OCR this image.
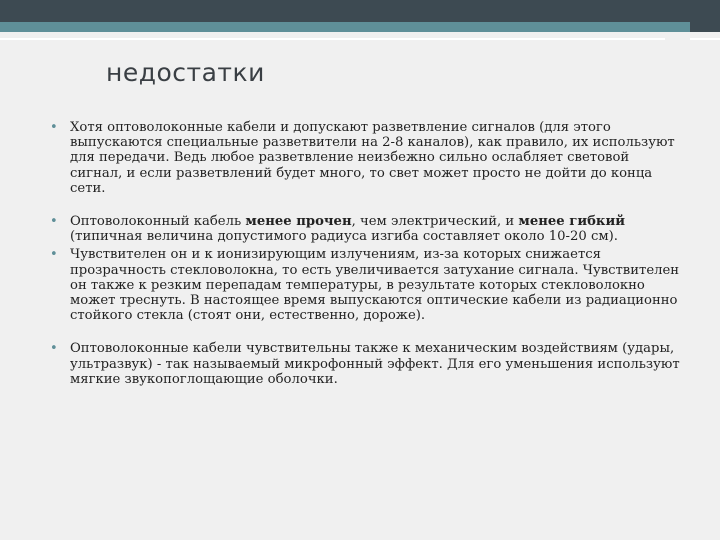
недостатки

• Хотя оптоволоконные кабели и допускают разветвление сигналов (для этого выпускаются специальные разветвители на 2-8 каналов), как правило, их используют для передачи. Ведь любое разветвление неизбежно сильно ослабляет световой сигнал, и если разветвлений будет много, то свет может просто не дойти до конца сети.

• Оптоволоконный кабель менее прочен, чем электрический, и менее гибкий (типичная величина допустимого радиуса изгиба составляет около 10-20 см).

• Чувствителен он и к ионизирующим излучениям, из-за которых снижается прозрачность стекловолокна, то есть увеличивается затухание сигнала. Чувствителен он также к резким перепадам температуры, в результате которых стекловолокно может треснуть. В настоящее время выпускаются оптические кабели из радиационно стойкого стекла (стоят они, естественно, дороже).

• Оптоволоконные кабели чувствительны также к механическим воздействиям (удары, ультразвук) - так называемый микрофонный эффект. Для его уменьшения используют мягкие звукопоглощающие оболочки.
